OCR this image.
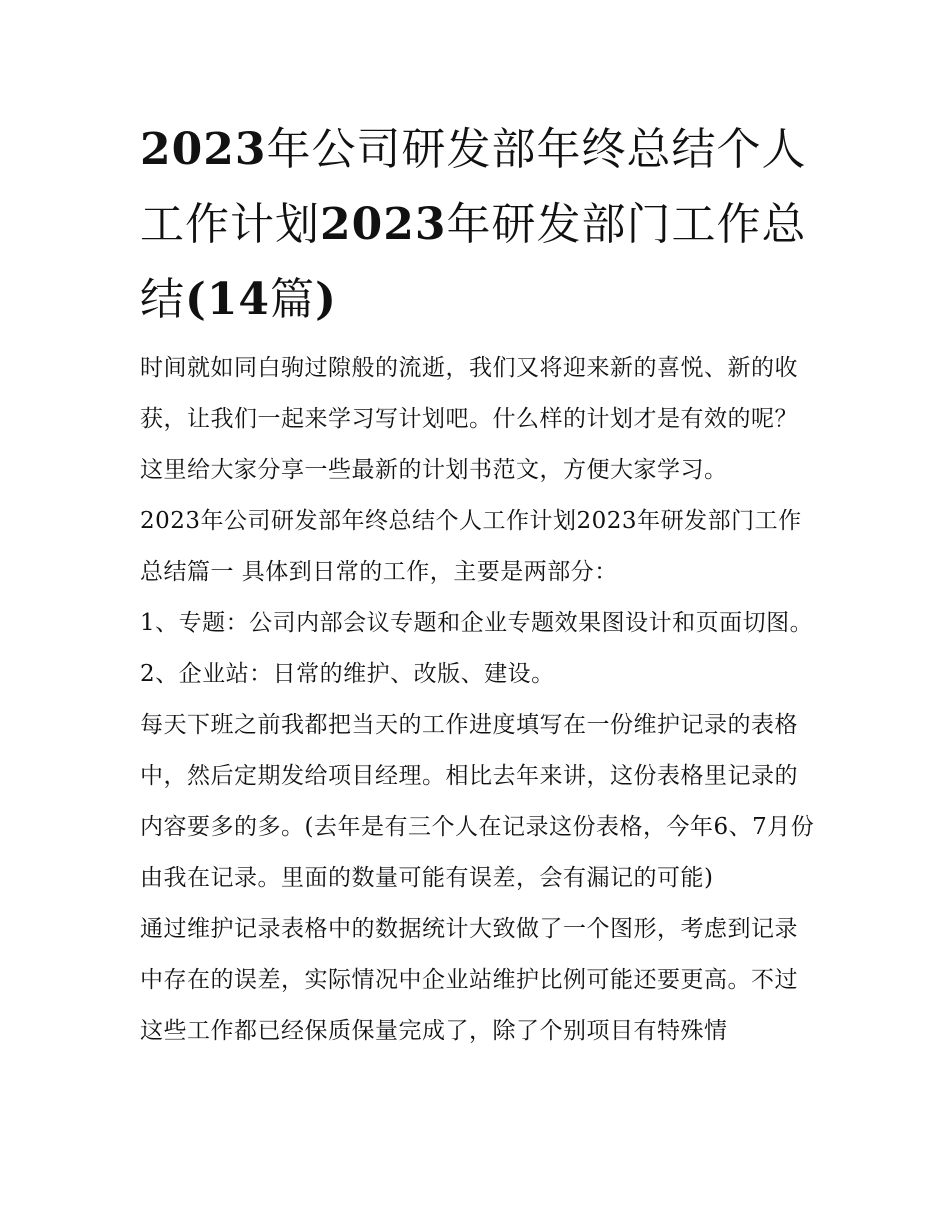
2023年公司研发部年终总结个人工作计划2023年研发部门工作总结(14篇)

时间就如同白驹过隙般的流逝，我们又将迎来新的喜悦、新的收获，让我们一起来学习写计划吧。什么样的计划才是有效的呢？这里给大家分享一些最新的计划书范文，方便大家学习。

2023年公司研发部年终总结个人工作计划2023年研发部门工作总结篇一 具体到日常的工作，主要是两部分：

1、专题：公司内部会议专题和企业专题效果图设计和页面切图。 2、企业站：日常的维护、改版、建设。

每天下班之前我都把当天的工作进度填写在一份维护记录的表格中，然后定期发给项目经理。相比去年来讲，这份表格里记录的内容要多的多。(去年是有三个人在记录这份表格，今年6、7月份由我在记录。里面的数量可能有误差，会有漏记的可能)

通过维护记录表格中的数据统计大致做了一个图形，考虑到记录中存在的误差，实际情况中企业站维护比例可能还要更高。不过这些工作都已经保质保量完成了，除了个别项目有特殊情
